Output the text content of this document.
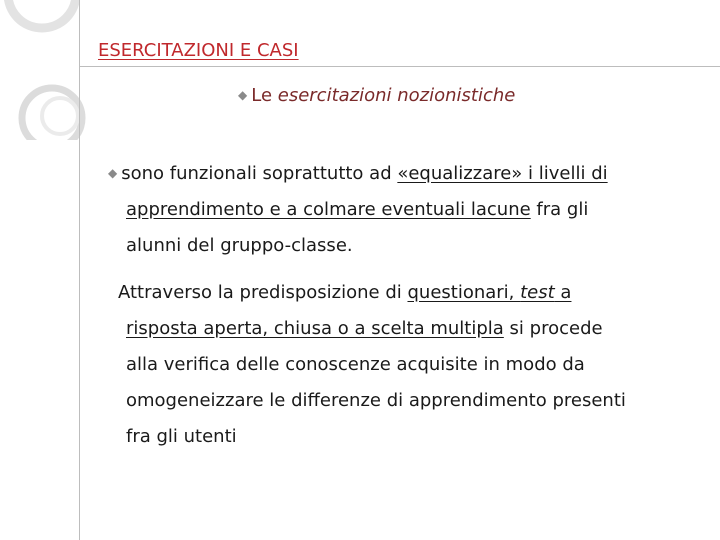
ESERCITAZIONI E CASI
◆ Le esercitazioni nozionistiche
◆ sono funzionali soprattutto ad «equalizzare» i livelli di
apprendimento e a colmare eventuali lacune fra gli
alunni del gruppo-classe.
Attraverso la predisposizione di questionari, test a
risposta aperta, chiusa o a scelta multipla si procede
alla verifica delle conoscenze acquisite in modo da
omogeneizzare le differenze di apprendimento presenti
fra gli utenti
